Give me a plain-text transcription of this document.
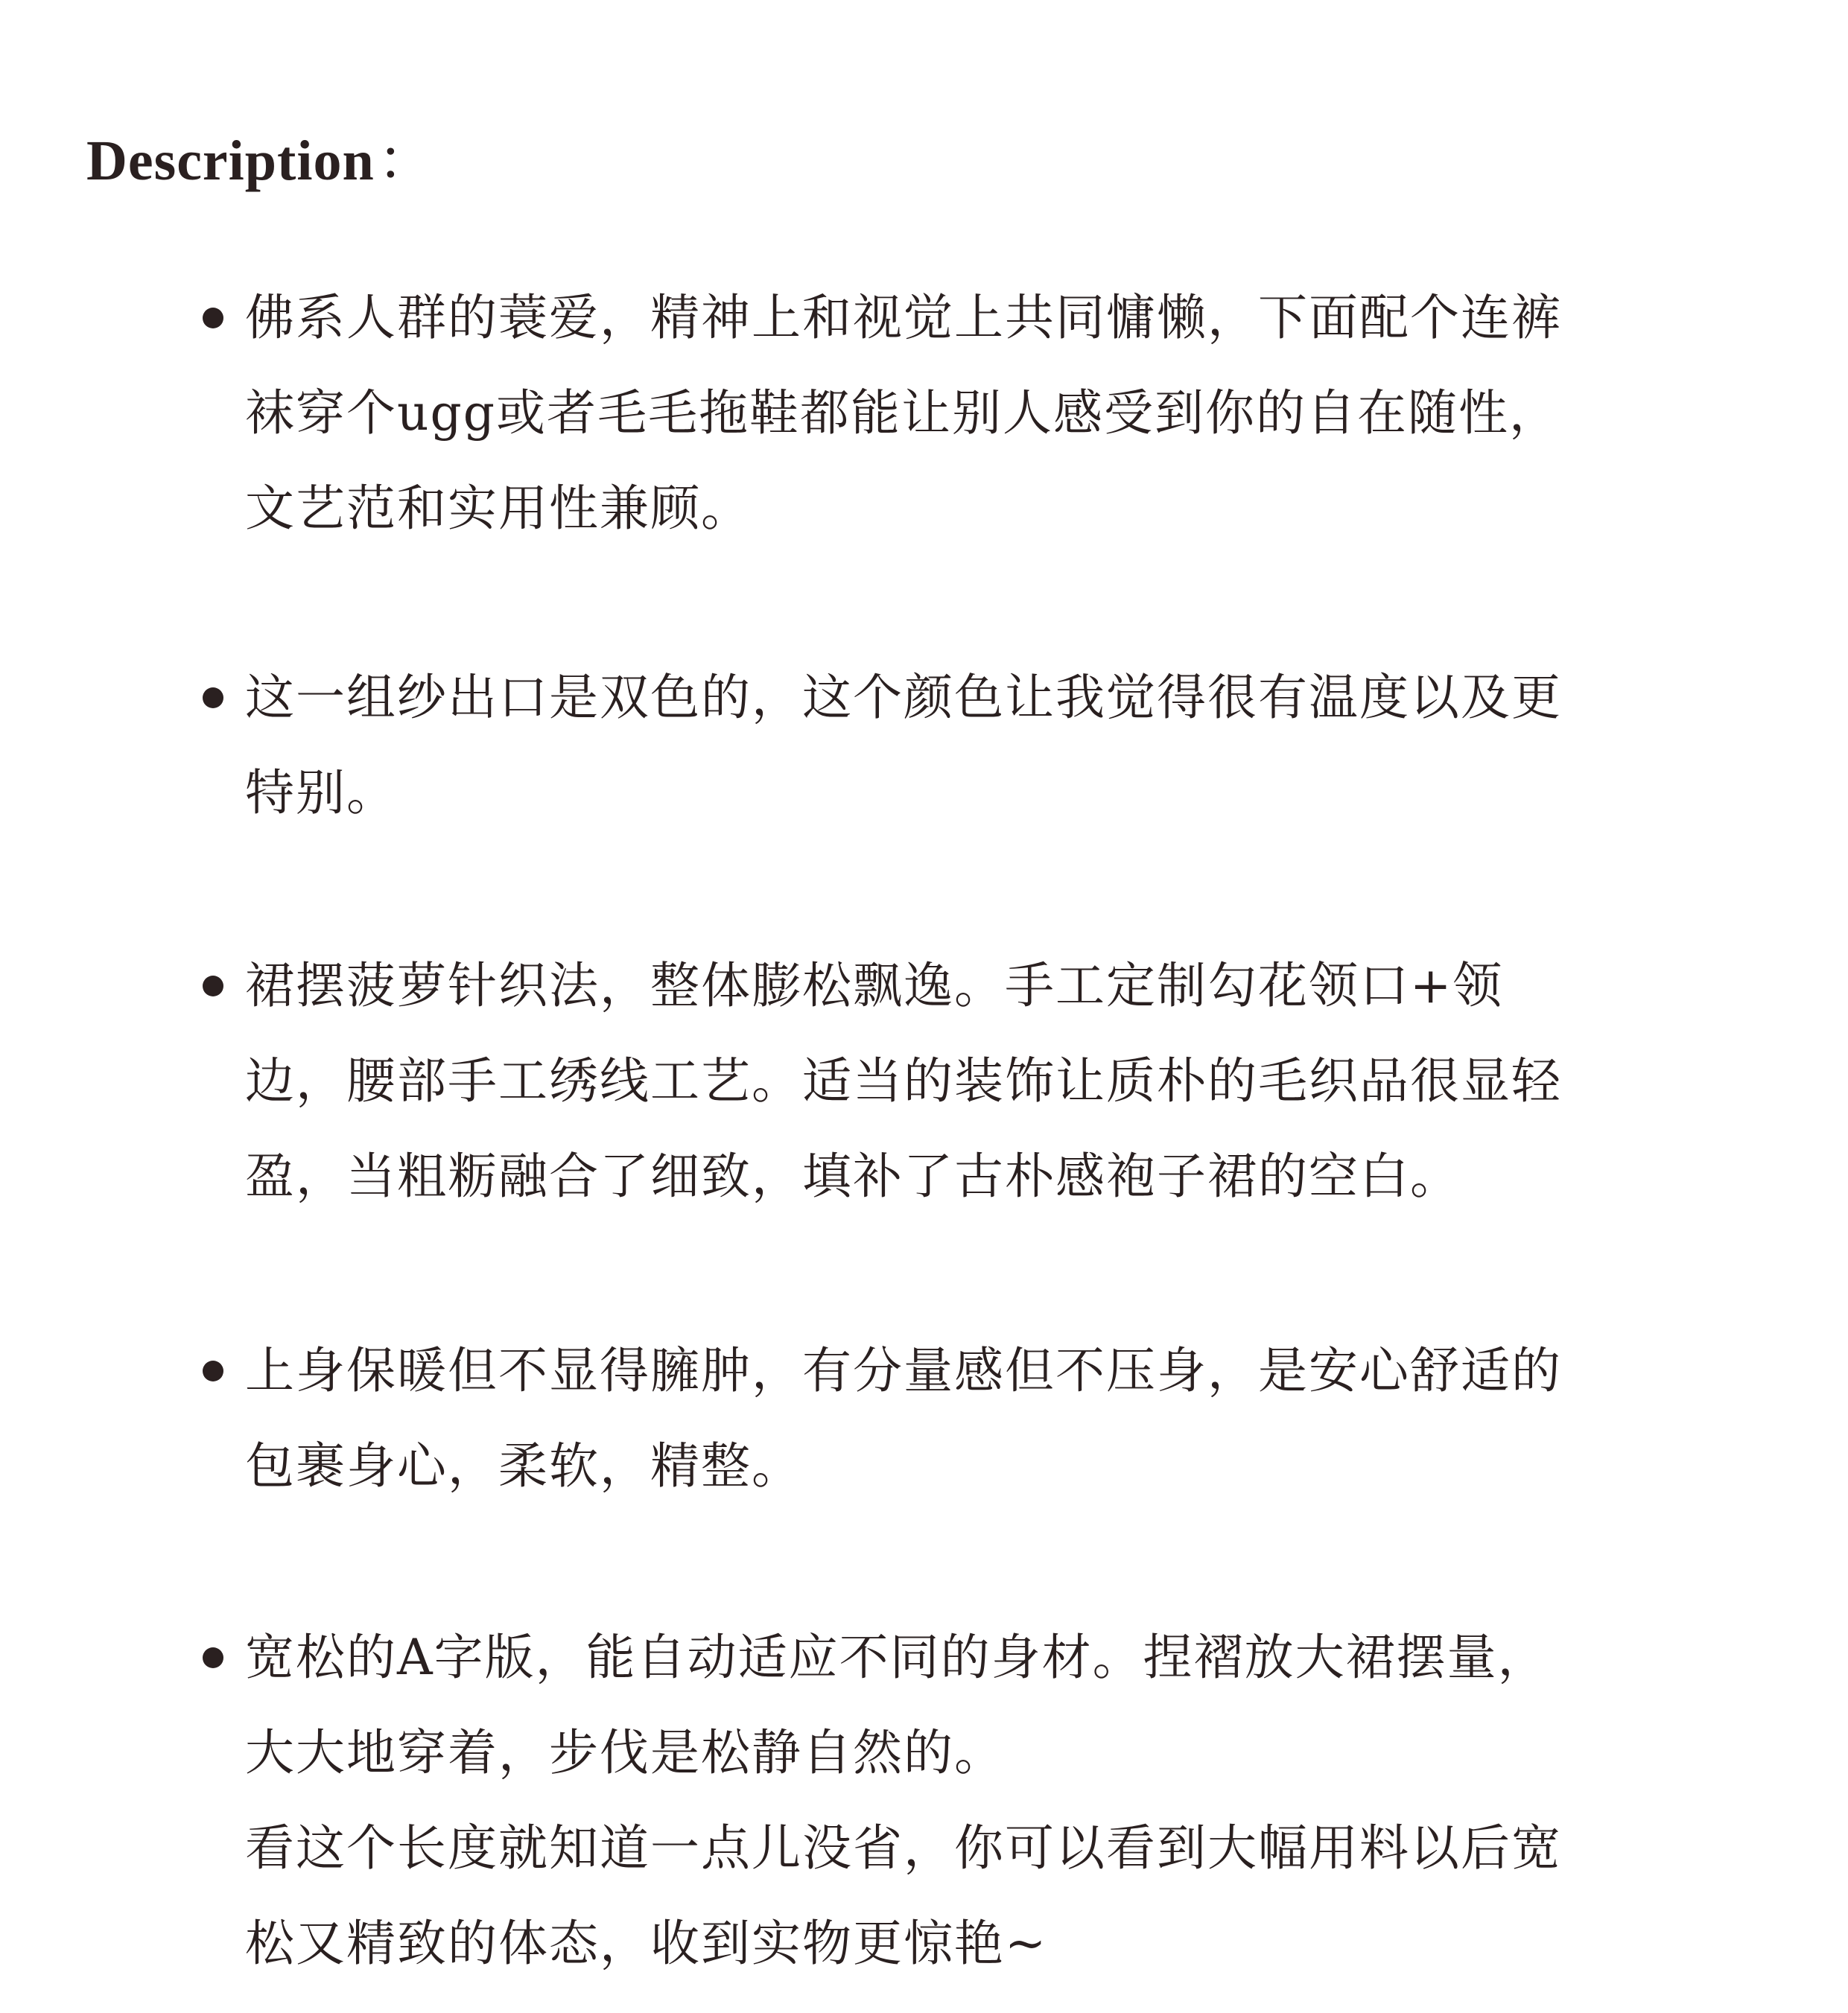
Description：
佛系人群的蓑爱，精神上和视觉上共同慵懒，下面配个连裤
袜穿个ugg或者毛毛拖鞋都能让别人感受到你的自在随性，
文艺范和实用性兼顾。
这一组纱出口是双色的，这个颜色让我觉得很有温度以及更
特别。
裙摆菠萝针织法，整体膨松飘逸。手工定制勾花领口+领
边，腰部手工绣线工艺。适当的装饰让质朴的毛织品很显轻
盈，当粗粝融合了细致，填补了古朴感袍子裙的空白。
上身保暖但不显得臃肿，有分量感但不压身，是安心舒适的
包裹身心，柔软，精整。
宽松的A字版，能自动适应不同的身材。捏褶放大裙摆量，
大大地穿着，步伐是松静自然的。
看这个长度就知道一点儿没省，你可以看到大幅用料以后宽
松又精致的体态，收到实物更惊艳~
